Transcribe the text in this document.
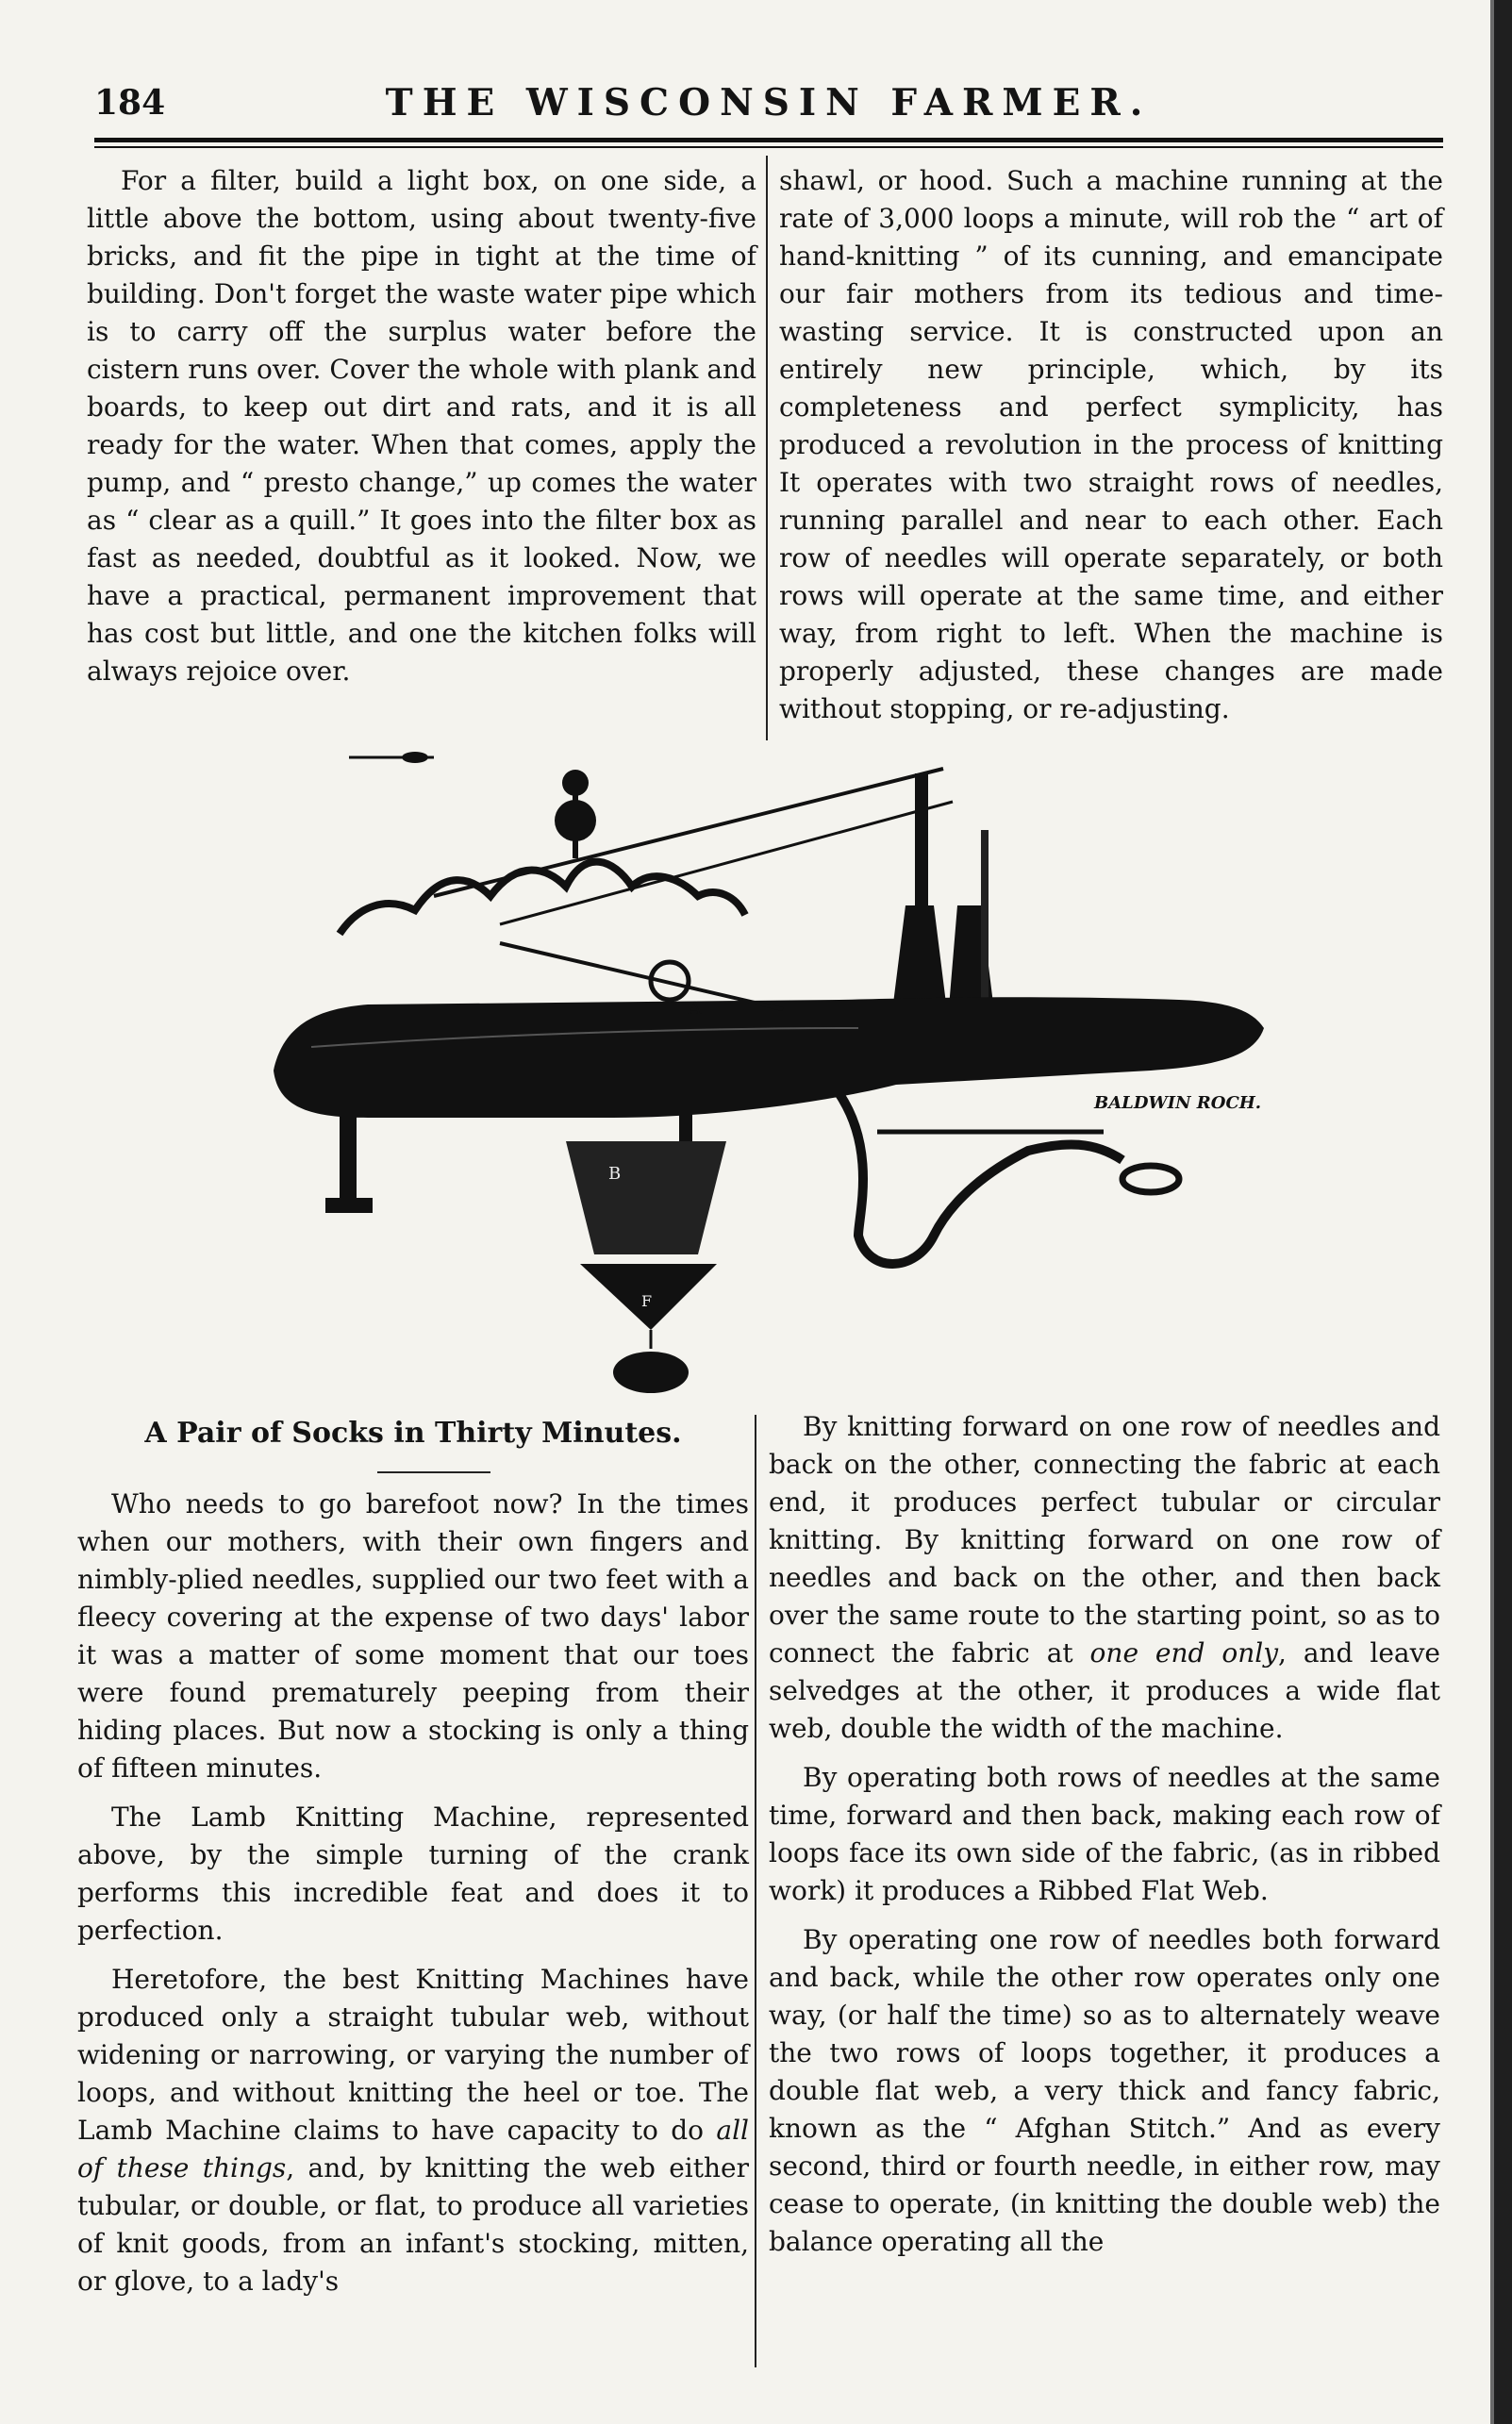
184	THE WISCONSIN FARMER.

For a filter, build a light box, on one side, a little above the bottom, using about twenty-five bricks, and fit the pipe in tight at the time of building. Don't forget the waste water pipe which is to carry off the surplus water before the cistern runs over. Cover the whole with plank and boards, to keep out dirt and rats, and it is all ready for the water. When that comes, apply the pump, and “ presto change,” up comes the water as “ clear as a quill.” It goes into the filter box as fast as needed, doubtful as it looked. Now, we have a practical, permanent improvement that has cost but little, and one the kitchen folks will always rejoice over.

shawl, or hood. Such a machine running at the rate of 3,000 loops a minute, will rob the “ art of hand-knitting ” of its cunning, and emancipate our fair mothers from its tedious and time-wasting service. It is constructed upon an entirely new principle, which, by its completeness and perfect symplicity, has produced a revolution in the process of knitting It operates with two straight rows of needles, running parallel and near to each other. Each row of needles will operate separately, or both rows will operate at the same time, and either way, from right to left. When the machine is properly adjusted, these changes are made without stopping, or re-adjusting.

A
B
F
BALDWIN ROCH.
A Pair of Socks in Thirty Minutes.

Who needs to go barefoot now? In the times when our mothers, with their own fingers and nimbly-plied needles, supplied our two feet with a fleecy covering at the expense of two days' labor it was a matter of some moment that our toes were found prematurely peeping from their hiding places. But now a stocking is only a thing of fifteen minutes.

The Lamb Knitting Machine, represented above, by the simple turning of the crank performs this incredible feat and does it to perfection.

Heretofore, the best Knitting Machines have produced only a straight tubular web, without widening or narrowing, or varying the number of loops, and without knitting the heel or toe. The Lamb Machine claims to have capacity to do all of these things, and, by knitting the web either tubular, or double, or flat, to produce all varieties of knit goods, from an infant's stocking, mitten, or glove, to a lady's

By knitting forward on one row of needles and back on the other, connecting the fabric at each end, it produces perfect tubular or circular knitting. By knitting forward on one row of needles and back on the other, and then back over the same route to the starting point, so as to connect the fabric at one end only, and leave selvedges at the other, it produces a wide flat web, double the width of the machine.

By operating both rows of needles at the same time, forward and then back, making each row of loops face its own side of the fabric, (as in ribbed work) it produces a Ribbed Flat Web.

By operating one row of needles both forward and back, while the other row operates only one way, (or half the time) so as to alternately weave the two rows of loops together, it produces a double flat web, a very thick and fancy fabric, known as the “ Afghan Stitch.” And as every second, third or fourth needle, in either row, may cease to operate, (in knitting the double web) the balance operating all the
